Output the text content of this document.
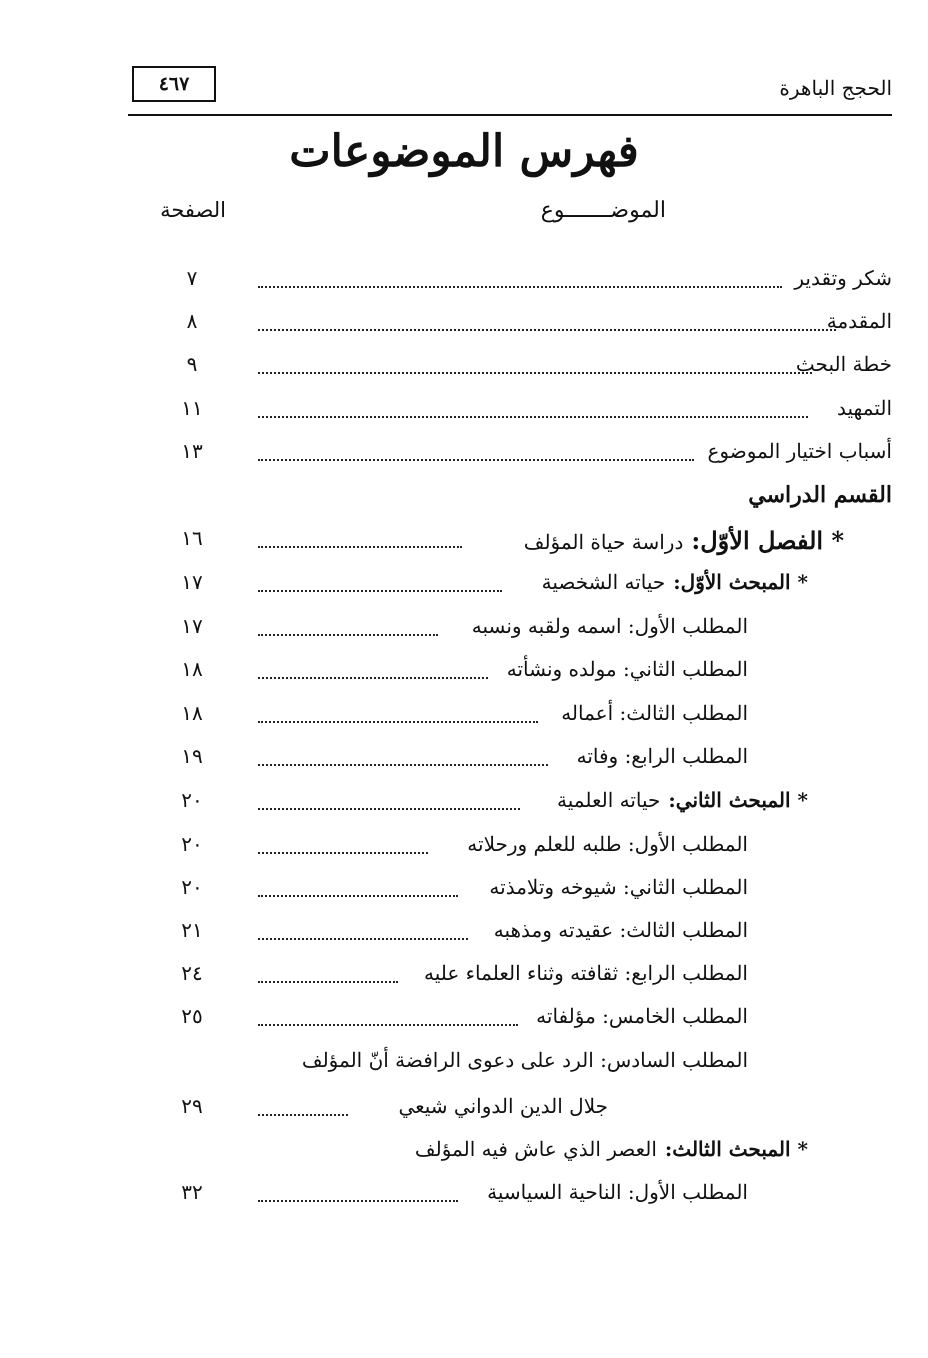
الحجج الباهرة
٤٦٧
فهرس الموضوعات
الموضـــــــوع
الصفحة
القسم الدراسي
شكر وتقدير
٧
المقدمة
٨
خطة البحث
٩
التمهيد
١١
أسباب اختيار الموضوع
١٣
* الفصل الأوّل:
دراسة حياة المؤلف
١٦
* المبحث الأوّل:
حياته الشخصية
١٧
المطلب الأول: اسمه ولقبه ونسبه
١٧
المطلب الثاني: مولده ونشأته
١٨
المطلب الثالث: أعماله
١٨
المطلب الرابع: وفاته
١٩
* المبحث الثاني:
حياته العلمية
٢٠
المطلب الأول: طلبه للعلم ورحلاته
٢٠
المطلب الثاني: شيوخه وتلامذته
٢٠
المطلب الثالث: عقيدته ومذهبه
٢١
المطلب الرابع: ثقافته وثناء العلماء عليه
٢٤
المطلب الخامس: مؤلفاته
٢٥
المطلب السادس: الرد على دعوى الرافضة أنّ المؤلف
جلال الدين الدواني شيعي
٢٩
* المبحث الثالث:
العصر الذي عاش فيه المؤلف
المطلب الأول: الناحية السياسية
٣٢
